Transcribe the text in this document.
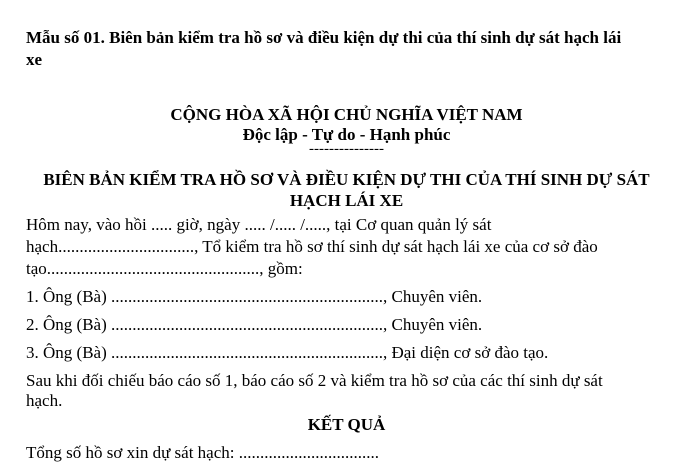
Mẫu số 01. Biên bản kiểm tra hồ sơ và điều kiện dự thi của thí sinh dự sát hạch lái
xe
CỘNG HÒA XÃ HỘI CHỦ NGHĨA VIỆT NAM
Độc lập - Tự do - Hạnh phúc
---------------
BIÊN BẢN KIỂM TRA HỒ SƠ VÀ ĐIỀU KIỆN DỰ THI CỦA THÍ SINH DỰ SÁT
HẠCH LÁI XE
Hôm nay, vào hồi ..... giờ, ngày ..... /..... /....., tại Cơ quan quản lý sát
hạch................................, Tổ kiểm tra hồ sơ thí sinh dự sát hạch lái xe của cơ sở đào
tạo.................................................., gồm:
1. Ông (Bà) ................................................................, Chuyên viên.
2. Ông (Bà) ................................................................, Chuyên viên.
3. Ông (Bà) ................................................................, Đại diện cơ sở đào tạo.
Sau khi đối chiếu báo cáo số 1, báo cáo số 2 và kiểm tra hồ sơ của các thí sinh dự sát
hạch.
KẾT QUẢ
Tổng số hồ sơ xin dự sát hạch: .................................
